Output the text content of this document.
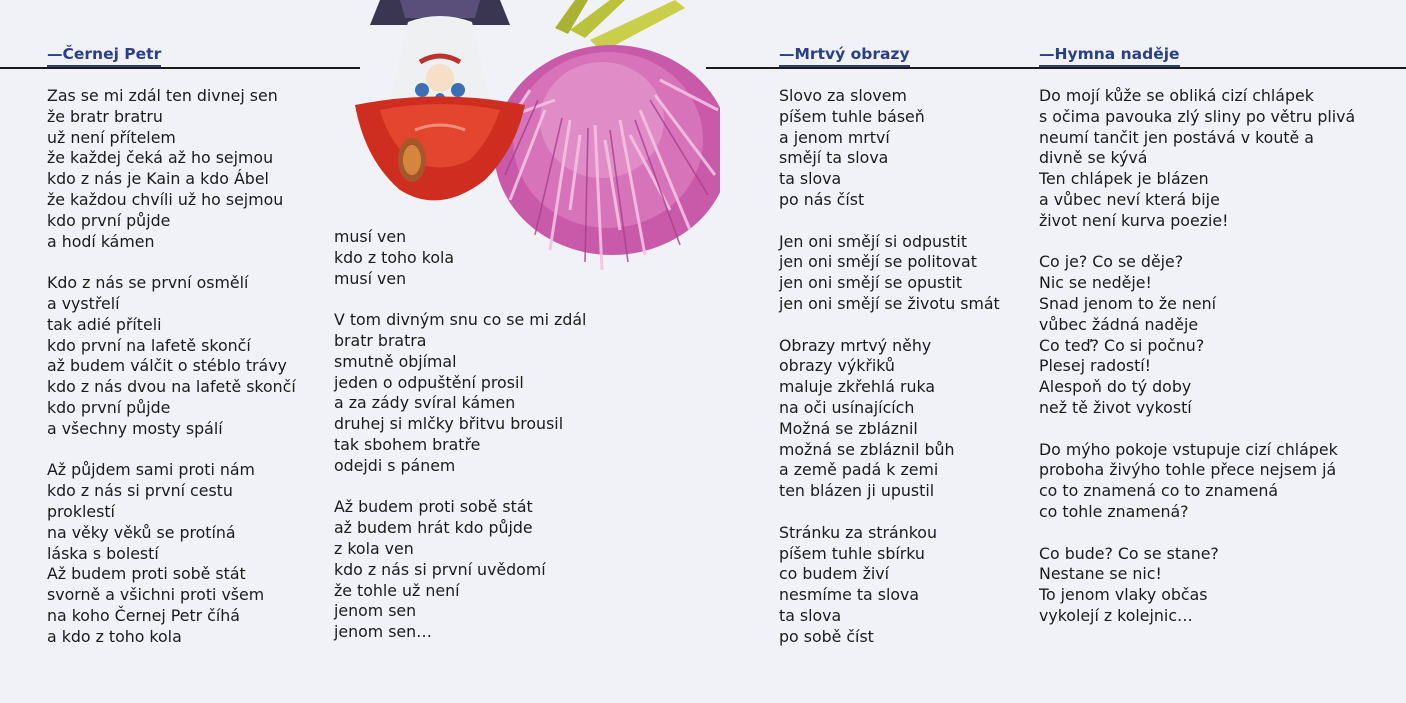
—Černej Petr
Zas se mi zdál ten divnej sen
že bratr bratru
už není přítelem
že každej čeká až ho sejmou
kdo z nás je Kain a kdo Ábel
že každou chvíli už ho sejmou
kdo první půjde
a hodí kámen
Kdo z nás se první osmělí
a vystřelí
tak adié příteli
kdo první na lafetě skončí
až budem válčit o stéblo trávy
kdo z nás dvou na lafetě skončí
kdo první půjde
a všechny mosty spálí
Až půjdem sami proti nám
kdo z nás si první cestu
proklestí
na věky věků se protíná
láska s bolestí
Až budem proti sobě stát
svorně a všichni proti všem
na koho Černej Petr číhá
a kdo z toho kola
musí ven
kdo z toho kola
musí ven
V tom divným snu co se mi zdál
bratr bratra
smutně objímal
jeden o odpuštění prosil
a za zády svíral kámen
druhej si mlčky břitvu brousil
tak sbohem bratře
odejdi s pánem
Až budem proti sobě stát
až budem hrát kdo půjde
z kola ven
kdo z nás si první uvědomí
že tohle už není
jenom sen
jenom sen…
—Mrtvý obrazy
Slovo za slovem
píšem tuhle báseň
a jenom mrtví
smějí ta slova
ta slova
po nás číst
Jen oni smějí si odpustit
jen oni smějí se politovat
jen oni smějí se opustit
jen oni smějí se životu smát
Obrazy mrtvý něhy
obrazy výkřiků
maluje zkřehlá ruka
na oči usínajících
Možná se zbláznil
možná se zbláznil bůh
a země padá k zemi
ten blázen ji upustil
Stránku za stránkou
píšem tuhle sbírku
co budem živí
nesmíme ta slova
ta slova
po sobě číst
—Hymna naděje
Do mojí kůže se obliká cizí chlápek
s očima pavouka zlý sliny po větru plivá
neumí tančit jen postává v koutě a
divně se kývá
Ten chlápek je blázen
a vůbec neví která bije
život není kurva poezie!
Co je? Co se děje?
Nic se neděje!
Snad jenom to že není
vůbec žádná naděje
Co teď? Co si počnu?
Plesej radostí!
Alespoň do tý doby
než tě život vykostí
Do mýho pokoje vstupuje cizí chlápek
proboha živýho tohle přece nejsem já
co to znamená co to znamená
co tohle znamená?
Co bude? Co se stane?
Nestane se nic!
To jenom vlaky občas
vykolejí z kolejnic…
